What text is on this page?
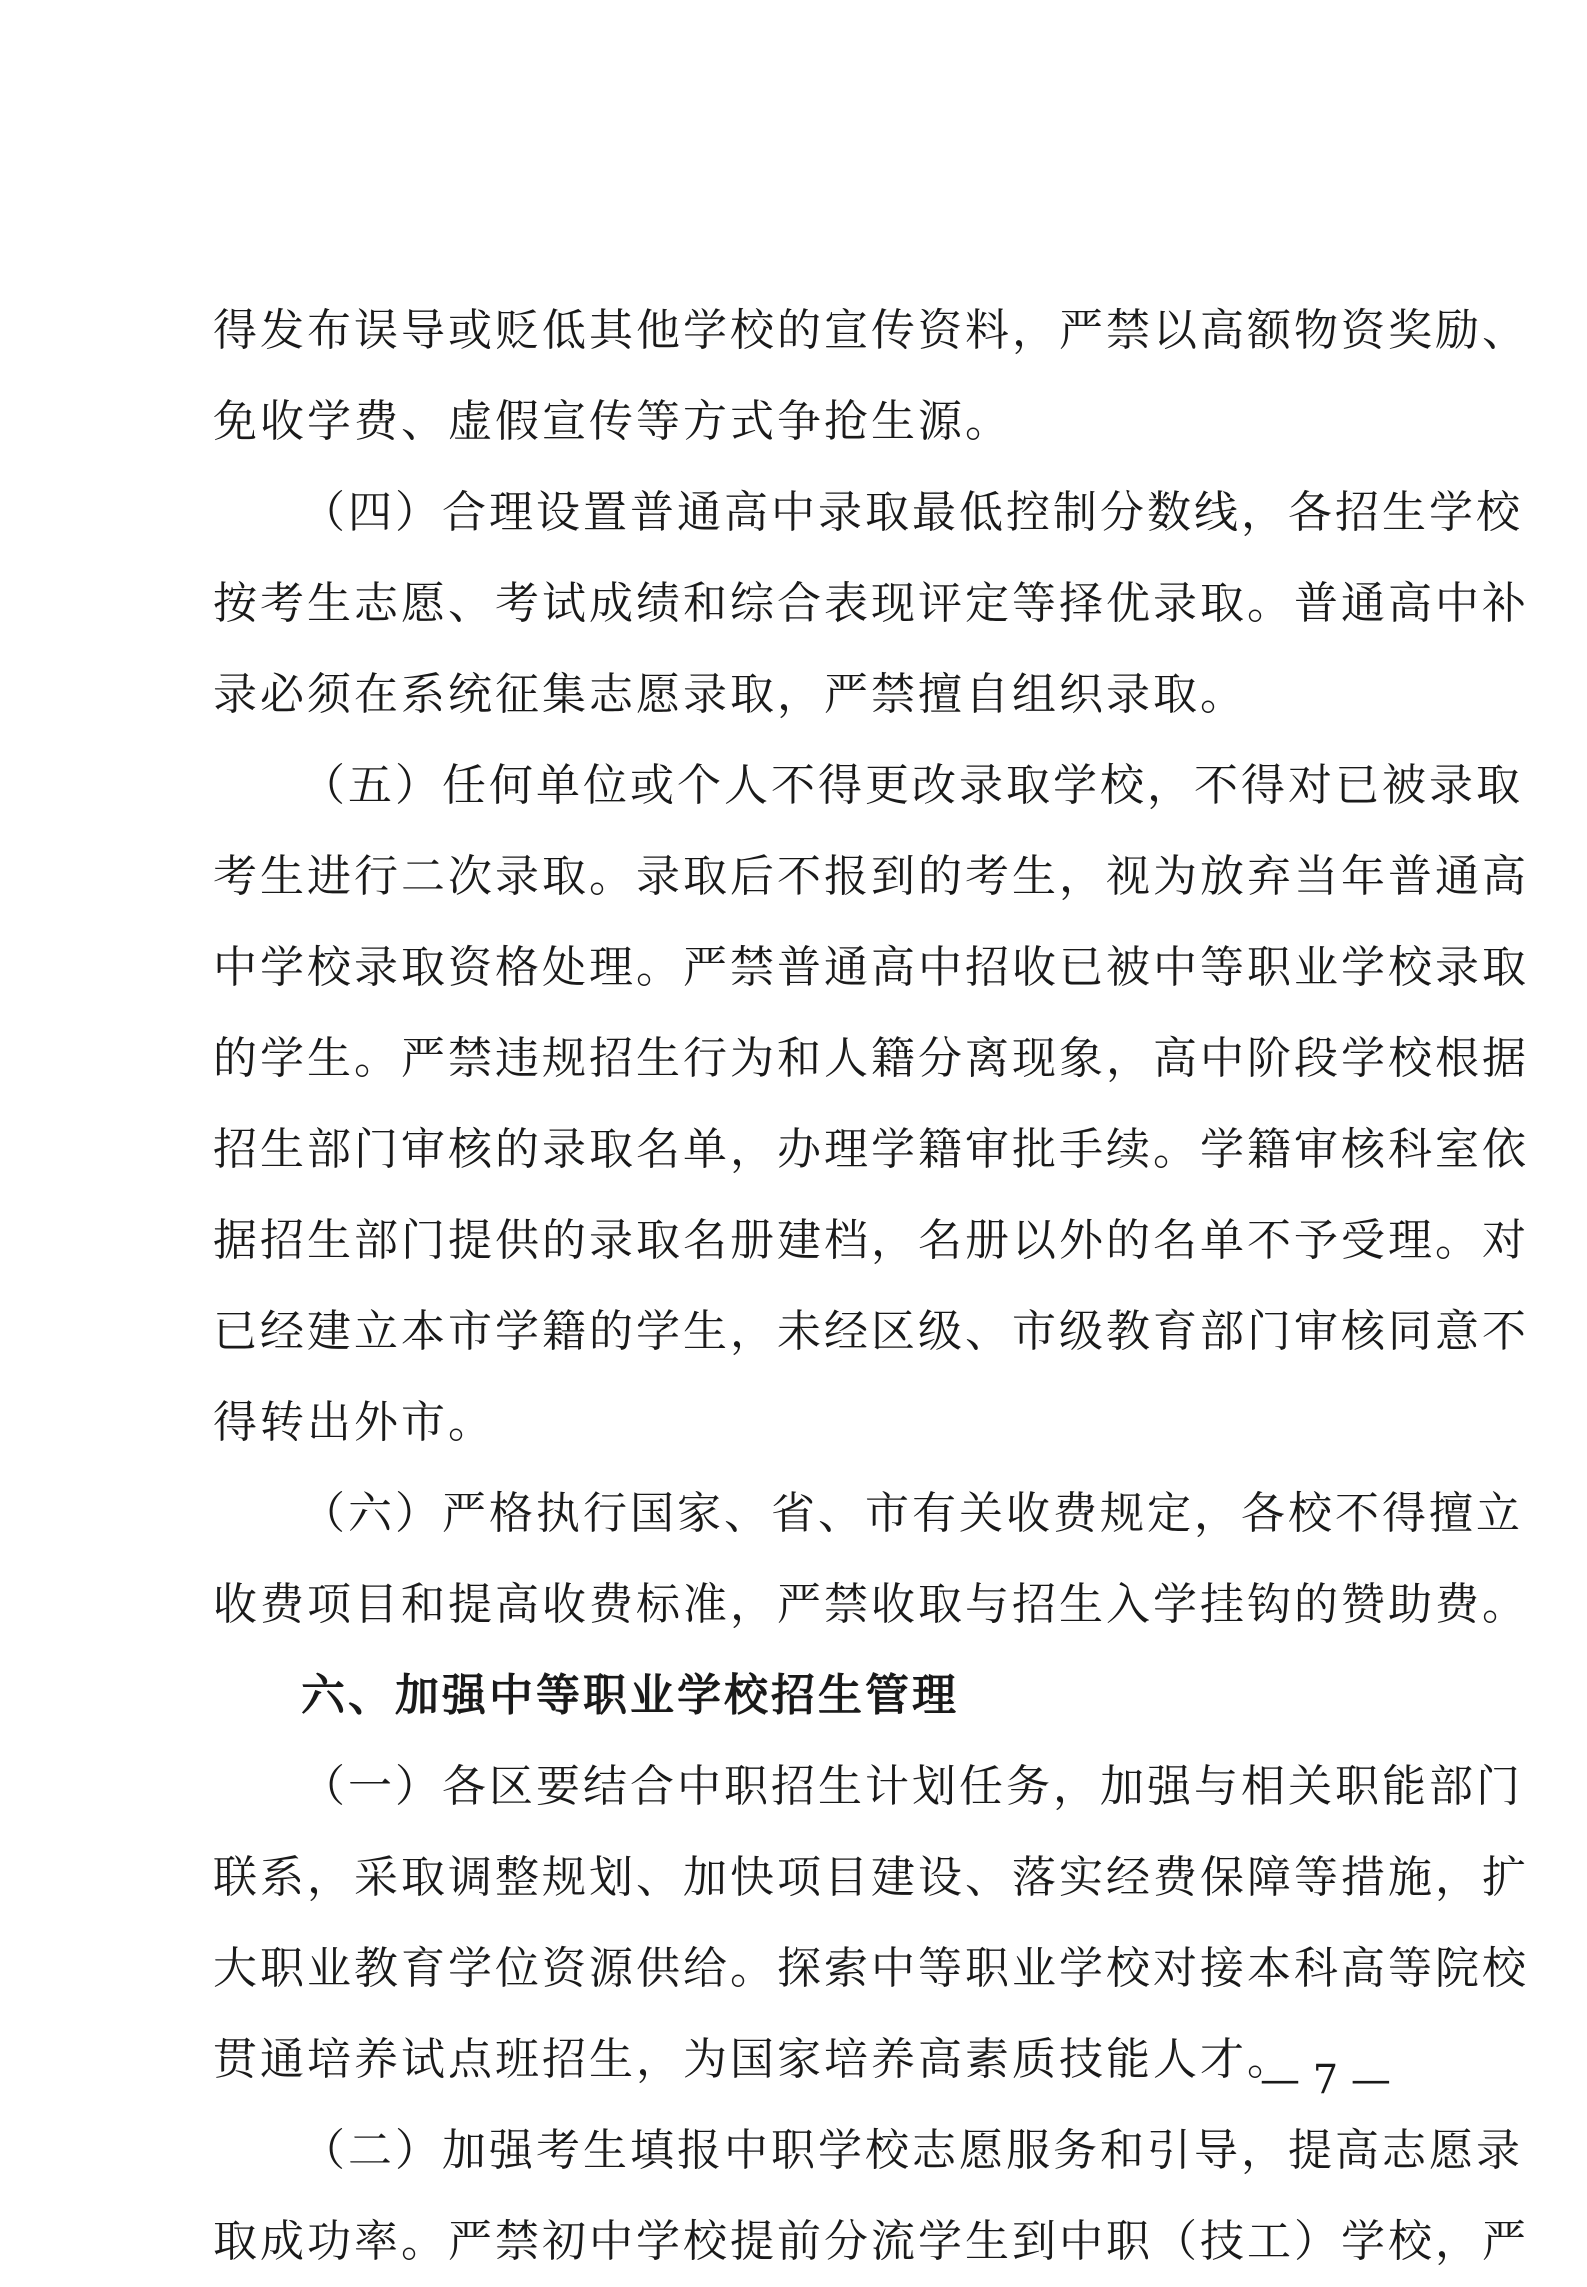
得发布误导或贬低其他学校的宣传资料，严禁以高额物资奖励、
免收学费、虚假宣传等方式争抢生源。

（四）合理设置普通高中录取最低控制分数线，各招生学校
按考生志愿、考试成绩和综合表现评定等择优录取。普通高中补
录必须在系统征集志愿录取，严禁擅自组织录取。

（五）任何单位或个人不得更改录取学校，不得对已被录取
考生进行二次录取。录取后不报到的考生，视为放弃当年普通高
中学校录取资格处理。严禁普通高中招收已被中等职业学校录取
的学生。严禁违规招生行为和人籍分离现象，高中阶段学校根据
招生部门审核的录取名单，办理学籍审批手续。学籍审核科室依
据招生部门提供的录取名册建档，名册以外的名单不予受理。对
已经建立本市学籍的学生，未经区级、市级教育部门审核同意不
得转出外市。

（六）严格执行国家、省、市有关收费规定，各校不得擅立
收费项目和提高收费标准，严禁收取与招生入学挂钩的赞助费。

六、加强中等职业学校招生管理

（一）各区要结合中职招生计划任务，加强与相关职能部门
联系，采取调整规划、加快项目建设、落实经费保障等措施，扩
大职业教育学位资源供给。探索中等职业学校对接本科高等院校
贯通培养试点班招生，为国家培养高素质技能人才。

（二）加强考生填报中职学校志愿服务和引导，提高志愿录
取成功率。严禁初中学校提前分流学生到中职（技工）学校，严

— 7 —
